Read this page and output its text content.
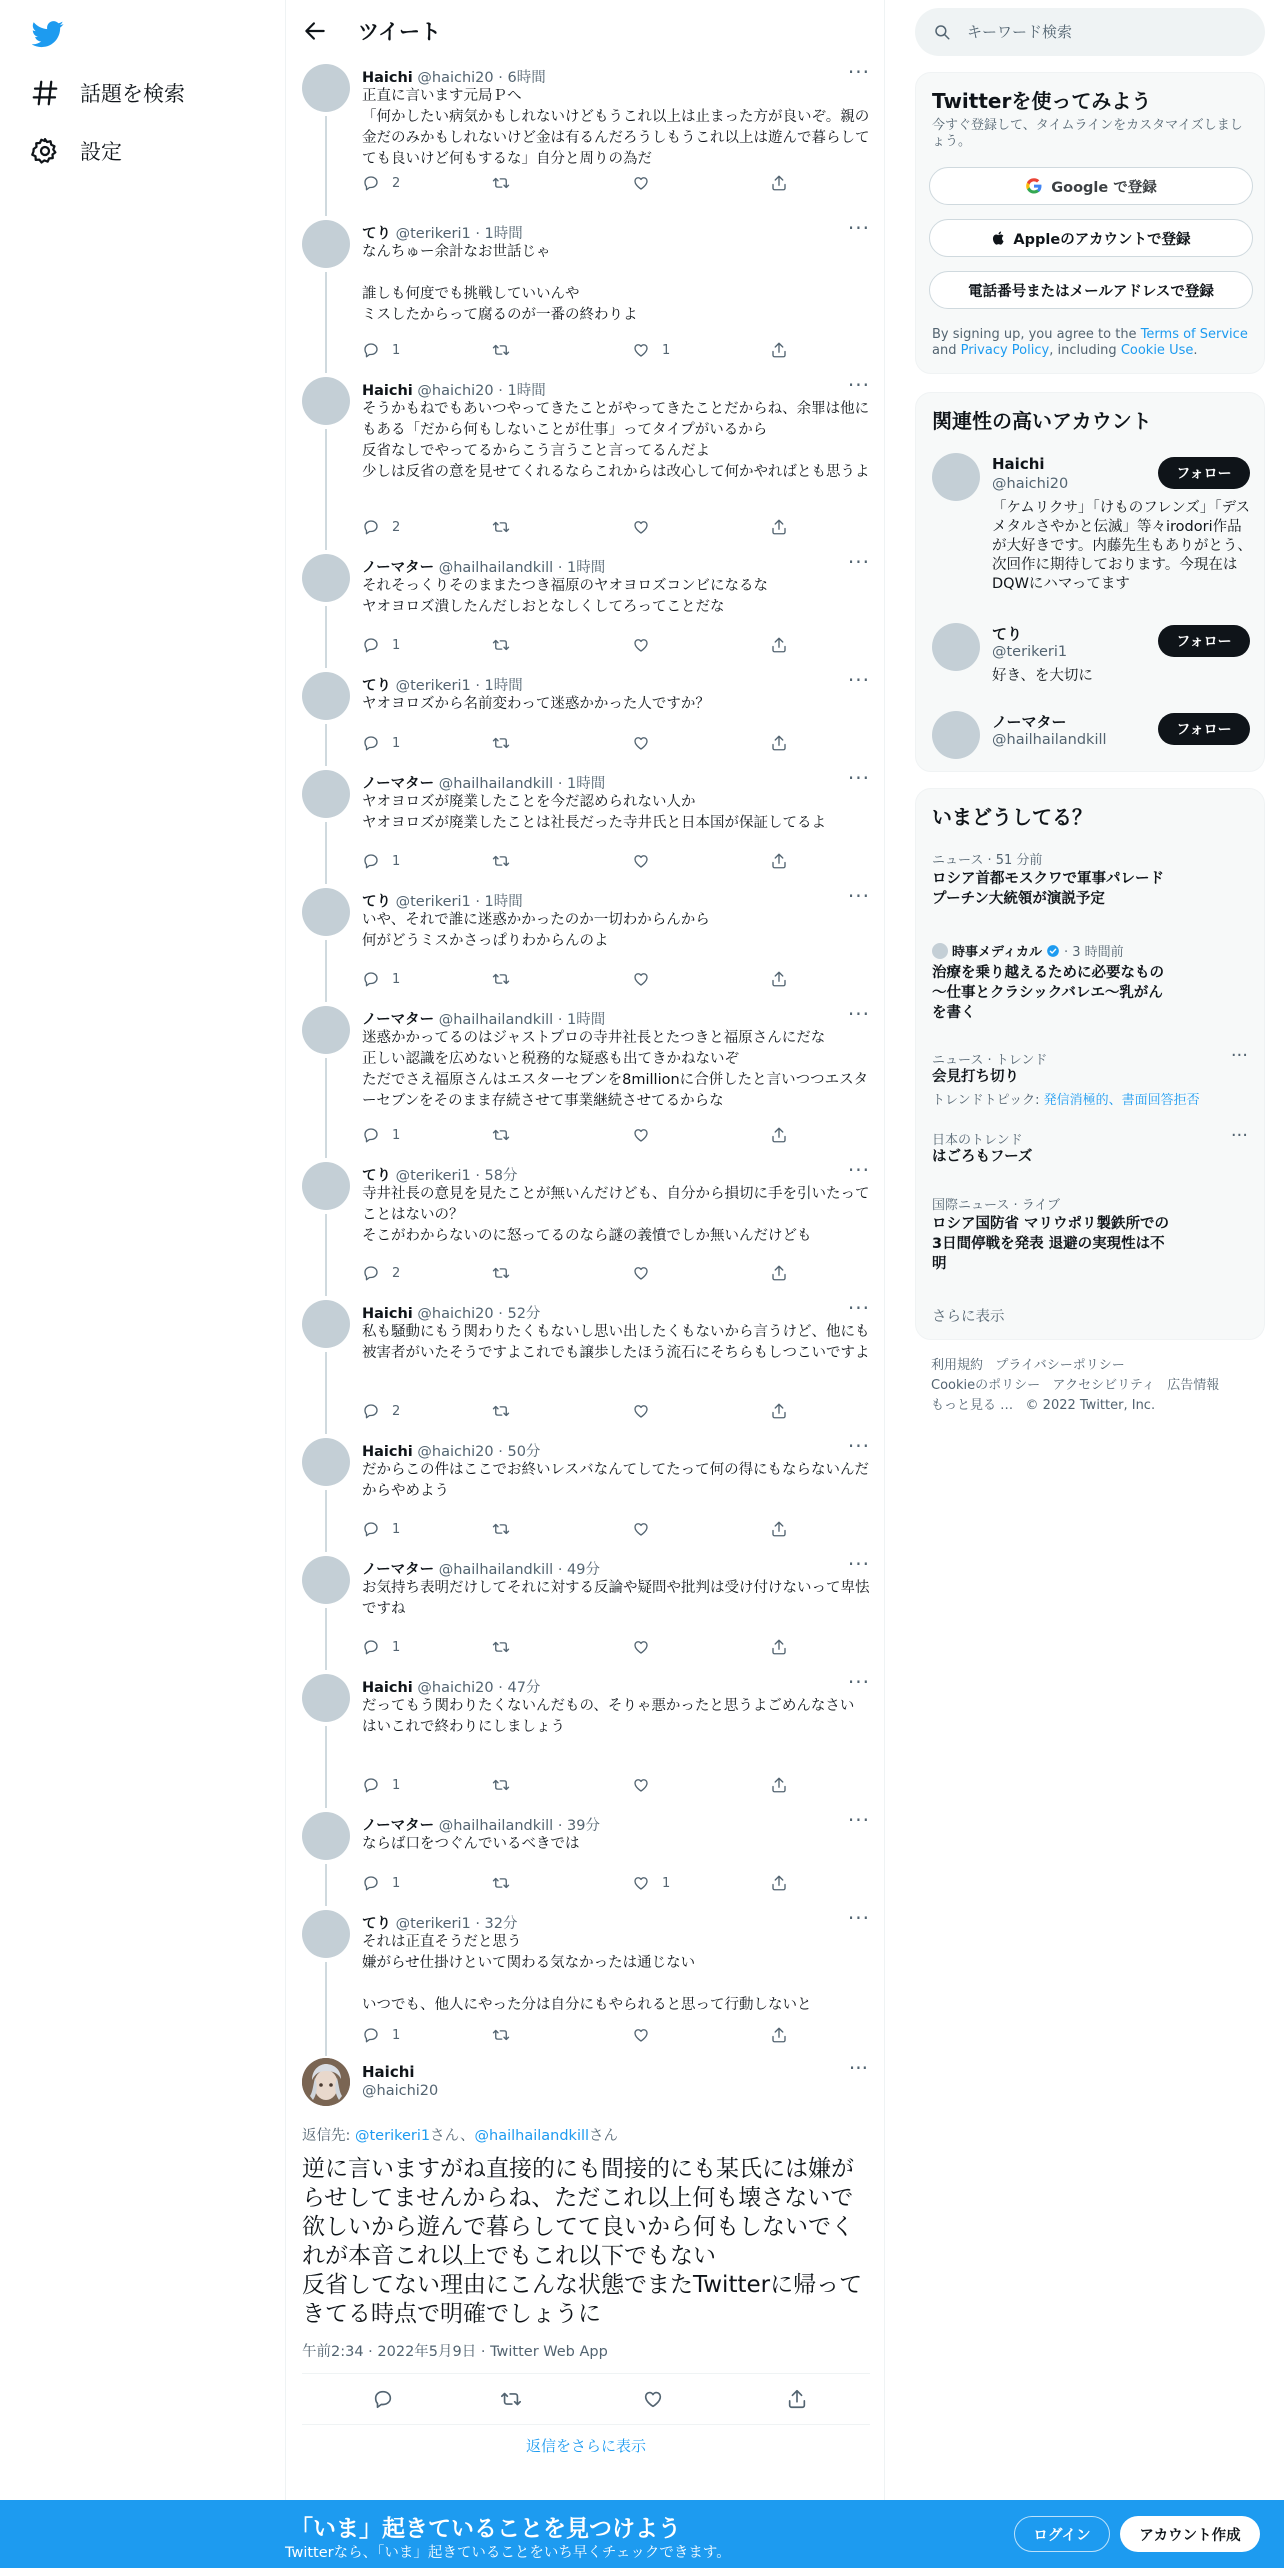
話題を検索
設定
ツイート
Haichi @haichi20 · 6時間	···
正直に言います元局Ｐへ
「何かしたい病気かもしれないけどもうこれ以上は止まった方が良いぞ。親の金だのみかもしれないけど金は有るんだろうしもうこれ以上は遊んで暮らしてても良いけど何もするな」自分と周りの為だ
2
てり @terikeri1 · 1時間	···
なんちゅー余計なお世話じゃ

誰しも何度でも挑戦していいんや
ミスしたからって腐るのが一番の終わりよ
1	1
Haichi @haichi20 · 1時間	···
そうかもねでもあいつやってきたことがやってきたことだからね、余罪は他にもある「だから何もしないことが仕事」ってタイプがいるから
反省なしでやってるからこう言うこと言ってるんだよ
少しは反省の意を見せてくれるならこれからは改心して何かやればとも思うよ
2
ノーマター @hailhailandkill · 1時間	···
それそっくりそのままたつき福原のヤオヨロズコンビになるな
ヤオヨロズ潰したんだしおとなしくしてろってことだな
1
てり @terikeri1 · 1時間	···
ヤオヨロズから名前変わって迷惑かかった人ですか？
1
ノーマター @hailhailandkill · 1時間	···
ヤオヨロズが廃業したことを今だ認められない人か
ヤオヨロズが廃業したことは社長だった寺井氏と日本国が保証してるよ
1
てり @terikeri1 · 1時間	···
いや、それで誰に迷惑かかったのか一切わからんから
何がどうミスかさっぱりわからんのよ
1
ノーマター @hailhailandkill · 1時間	···
迷惑かかってるのはジャストプロの寺井社長とたつきと福原さんにだな
正しい認識を広めないと税務的な疑惑も出てきかねないぞ
ただでさえ福原さんはエスターセブンを8millionに合併したと言いつつエスターセブンをそのまま存続させて事業継続させてるからな
1
てり @terikeri1 · 58分	···
寺井社長の意見を見たことが無いんだけども、自分から損切に手を引いたってことはないの？
そこがわからないのに怒ってるのなら謎の義憤でしか無いんだけども
2
Haichi @haichi20 · 52分	···
私も騒動にもう関わりたくもないし思い出したくもないから言うけど、他にも被害者がいたそうですよこれでも譲歩したほう流石にそちらもしつこいですよ
2
Haichi @haichi20 · 50分	···
だからこの件はここでお終いレスバなんてしてたって何の得にもならないんだからやめよう
1
ノーマター @hailhailandkill · 49分	···
お気持ち表明だけしてそれに対する反論や疑問や批判は受け付けないって卑怯ですね
1
Haichi @haichi20 · 47分	···
だってもう関わりたくないんだもの、そりゃ悪かったと思うよごめんなさい
はいこれで終わりにしましょう
1
ノーマター @hailhailandkill · 39分	···
ならば口をつぐんでいるべきでは
1	1
てり @terikeri1 · 32分	···
それは正直そうだと思う
嫌がらせ仕掛けといて関わる気なかったは通じない

いつでも、他人にやった分は自分にもやられると思って行動しないと
1
Haichi
@haichi20
···
返信先: @terikeri1さん、@hailhailandkillさん
逆に言いますがね直接的にも間接的にも某氏には嫌がらせしてませんからね、ただこれ以上何も壊さないで欲しいから遊んで暮らしてて良いから何もしないでくれが本音これ以上でもこれ以下でもない
反省してない理由にこんな状態でまたTwitterに帰ってきてる時点で明確でしょうに
午前2:34 · 2022年5月9日 · Twitter Web App
返信をさらに表示
キーワード検索
Twitterを使ってみよう
今すぐ登録して、タイムラインをカスタマイズしましょう。
Google で登録
Appleのアカウントで登録
電話番号またはメールアドレスで登録
By signing up, you agree to the Terms of Service and Privacy Policy, including Cookie Use.
関連性の高いアカウント
Haichi
@haichi20
フォロー
「ケムリクサ」「けものフレンズ」「デスメタルさやかと伝滅」等々irodori作品が大好きです。内藤先生もありがとう、次回作に期待しております。今現在はDQWにハマってます
てり
@terikeri1
フォロー
好き、を大切に
ノーマター
@hailhailandkill
フォロー
いまどうしてる？
ニュース · 51 分前
ロシア首都モスクワで軍事パレード プーチン大統領が演説予定
時事メディカル · 3 時間前
治療を乗り越えるために必要なもの～仕事とクラシックバレエ～乳がんを書く
ニュース · トレンド	···
会見打ち切り
トレンドトピック: 発信消極的、書面回答拒否
日本のトレンド	···
はごろもフーズ
国際ニュース · ライブ
ロシア国防省 マリウポリ製鉄所での3日間停戦を発表 退避の実現性は不明
さらに表示
利用規約 プライバシーポリシー
Cookieのポリシー アクセシビリティ 広告情報
もっと見る … © 2022 Twitter, Inc.
「いま」起きていることを見つけよう
Twitterなら、「いま」起きていることをいち早くチェックできます。
ログイン	アカウント作成
